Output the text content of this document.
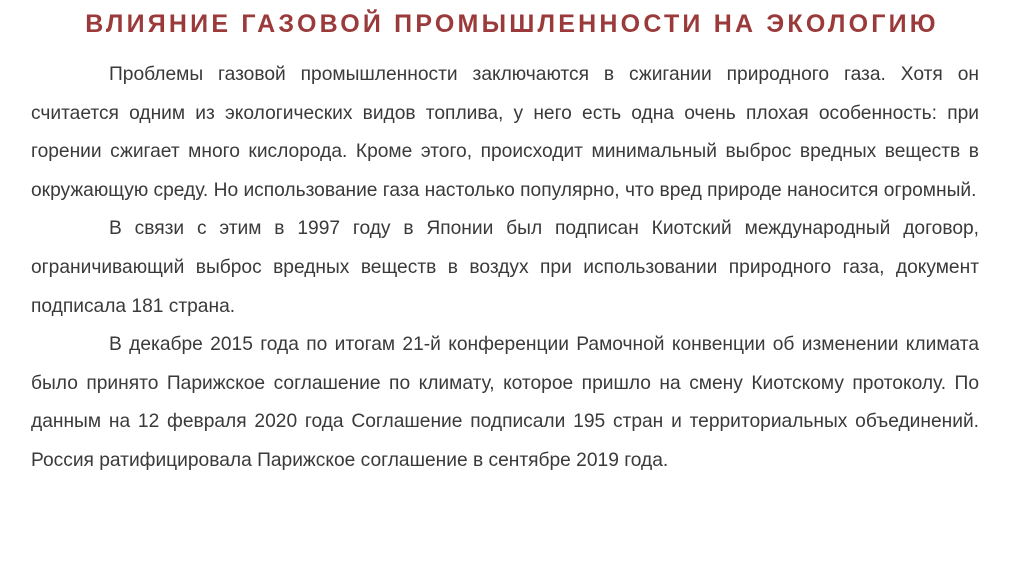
ВЛИЯНИЕ ГАЗОВОЙ ПРОМЫШЛЕННОСТИ НА ЭКОЛОГИЮ

Проблемы газовой промышленности заключаются в сжигании природного газа. Хотя он считается одним из экологических видов топлива, у него есть одна очень плохая особенность: при горении сжигает много кислорода. Кроме этого, происходит минимальный выброс вредных веществ в окружающую среду. Но использование газа настолько популярно, что вред природе наносится огромный.

В связи с этим в 1997 году в Японии был подписан Киотский международный договор, ограничивающий выброс вредных веществ в воздух при использовании природного газа, документ подписала 181 страна.

В декабре 2015 года по итогам 21-й конференции Рамочной конвенции об изменении климата было принято Парижское соглашение по климату, которое пришло на смену Киотскому протоколу. По данным на 12 февраля 2020 года Соглашение подписали 195 стран и территориальных объединений. Россия ратифицировала Парижское соглашение в сентябре 2019 года.
